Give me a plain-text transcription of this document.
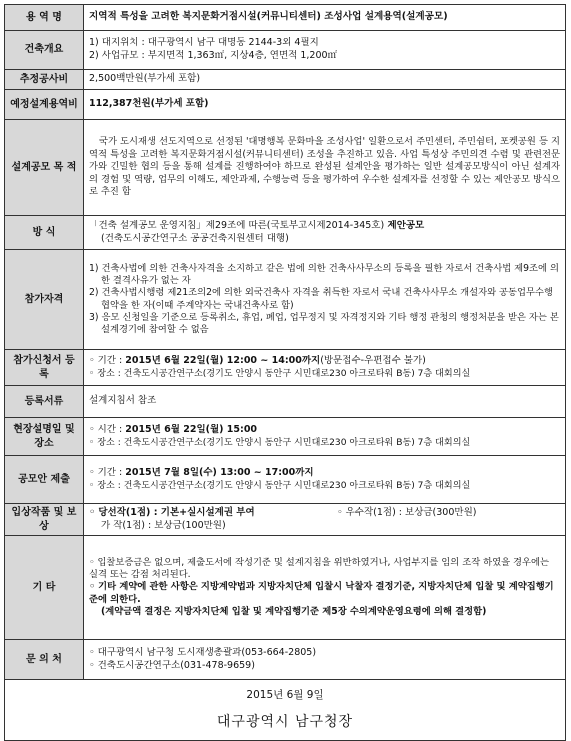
용 역 명	지역적 특성을 고려한 복지문화거점시설(커뮤니티센터) 조성사업 설계용역(설계공모)
건축개요	1) 대지위치 : 대구광역시 남구 대명동 2144-3외 4필지
2) 사업규모 : 부지면적 1,363㎡, 지상4층, 연면적 1,200㎡

추정공사비	2,500백만원(부가세 포함)
예정설계용역비	112,387천원(부가세 포함)
설계공모 목 적	국가 도시재생 선도지역으로 선정된 '대명행복 문화마을 조성사업' 일환으로서 주민센터, 주민쉼터, 포켓공원 등 지역적 특성을 고려한 복지문화거점시설(커뮤니티센터) 조성을 추진하고 있음. 사업 특성상 주민의견 수렴 및 관련전문가와 긴밀한 협의 등을 통해 설계를 진행하여야 하므로 완성된 설계안을 평가하는 일반 설계공모방식이 아닌 설계자의 경험 및 역량, 업무의 이해도, 제안과제, 수행능력 등을 평가하여 우수한 설계자를 선정할 수 있는 제안공모 방식으로 추진 함
방 식	「건축 설계공모 운영지침」제29조에 따른(국토부고시제2014-345호) 제안공모
(건축도시공간연구소 공공건축지원센터 대행)

참가자격	1) 건축사법에 의한 건축사자격을 소지하고 같은 법에 의한 건축사사무소의 등록을 필한 자로서 건축사법 제9조에 의한 결격사유가 없는 자
2) 건축사법시행령 제21조의2에 의한 외국건축사 자격을 취득한 자로서 국내 건축사사무소 개설자와 공동업무수행 협약을 한 자(이때 주계약자는 국내건축사로 함)
3) 응모 신청일을 기준으로 등록취소, 휴업, 폐업, 업무정지 및 자격정지와 기타 행정 관청의 행정처분을 받은 자는 본 설계경기에 참여할 수 없음

참가신청서 등 록	◦ 기간 : 2015년 6월 22일(월) 12:00 ~ 14:00까지(방문접수-우편접수 불가)
◦ 장소 : 건축도시공간연구소(경기도 안양시 동안구 시민대로230 아크로타워 B동) 7층 대회의실

등록서류	설계지침서 참조
현장설명일 및 장소	◦ 시간 : 2015년 6월 22일(월) 15:00
◦ 장소 : 건축도시공간연구소(경기도 안양시 동안구 시민대로230 아크로타워 B동) 7층 대회의실

공모안 제출	◦ 기간 : 2015년 7월 8일(수) 13:00 ~ 17:00까지
◦ 장소 : 건축도시공간연구소(경기도 안양시 동안구 시민대로230 아크로타워 B동) 7층 대회의실

입상작품 및 보상	◦ 당선작(1점) : 기본+실시설계권 부여 ◦ 우수작(1점) : 보상금(300만원)
가 작(1점) : 보상금(100만원)

기 타	◦ 입찰보증금은 없으며, 제출도서에 작성기준 및 설계지침을 위반하였거나, 사업부지를 임의 조작 하였을 경우에는 실격 또는 감점 처리된다.
◦ 기타 계약에 관한 사항은 지방계약법과 지방자치단체 입찰시 낙찰자 결정기준, 지방자치단체 입찰 및 계약집행기준에 의한다.
(계약금액 결정은 지방자치단체 입찰 및 계약집행기준 제5장 수의계약운영요령에 의해 결정함)

문 의 처	◦ 대구광역시 남구청 도시재생총괄과(053-664-2805)
◦ 건축도시공간연구소(031-478-9659)

2015년 6월 9일
대구광역시 남구청장	
